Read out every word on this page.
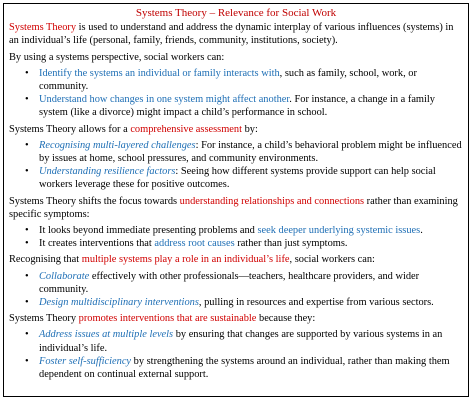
Systems Theory – Relevance for Social Work

Systems Theory is used to understand and address the dynamic interplay of various influences (systems) in an individual’s life (personal, family, friends, community, institutions, society).

By using a systems perspective, social workers can:

• Identify the systems an individual or family interacts with, such as family, school, work, or community.
• Understand how changes in one system might affect another. For instance, a change in a family system (like a divorce) might impact a child’s performance in school.

Systems Theory allows for a comprehensive assessment by:

• Recognising multi-layered challenges: For instance, a child’s behavioral problem might be influenced by issues at home, school pressures, and community environments.
• Understanding resilience factors: Seeing how different systems provide support can help social workers leverage these for positive outcomes.

Systems Theory shifts the focus towards understanding relationships and connections rather than examining specific symptoms:

• It looks beyond immediate presenting problems and seek deeper underlying systemic issues.
• It creates interventions that address root causes rather than just symptoms.

Recognising that multiple systems play a role in an individual’s life, social workers can:

• Collaborate effectively with other professionals—teachers, healthcare providers, and wider community.
• Design multidisciplinary interventions, pulling in resources and expertise from various sectors.

Systems Theory promotes interventions that are sustainable because they:

• Address issues at multiple levels by ensuring that changes are supported by various systems in an individual’s life.
• Foster self-sufficiency by strengthening the systems around an individual, rather than making them dependent on continual external support.
